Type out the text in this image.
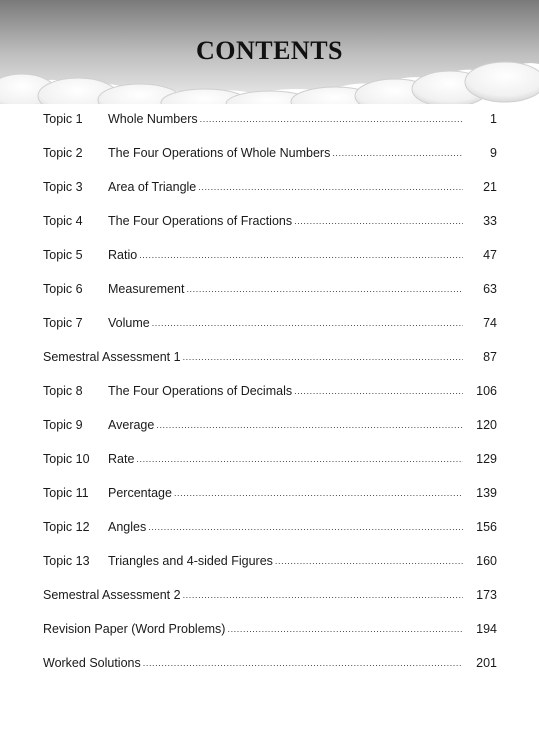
CONTENTS
Topic 1	Whole Numbers .....	1
Topic 2	The Four Operations of Whole Numbers .....	9
Topic 3	Area of Triangle .....	21
Topic 4	The Four Operations of Fractions .....	33
Topic 5	Ratio .....	47
Topic 6	Measurement .....	63
Topic 7	Volume .....	74
Semestral Assessment 1 .....	87
Topic 8	The Four Operations of Decimals .....	106
Topic 9	Average .....	120
Topic 10	Rate .....	129
Topic 11	Percentage .....	139
Topic 12	Angles .....	156
Topic 13	Triangles and 4-sided Figures .....	160
Semestral Assessment 2 .....	173
Revision Paper (Word Problems) .....	194
Worked Solutions .....	201
